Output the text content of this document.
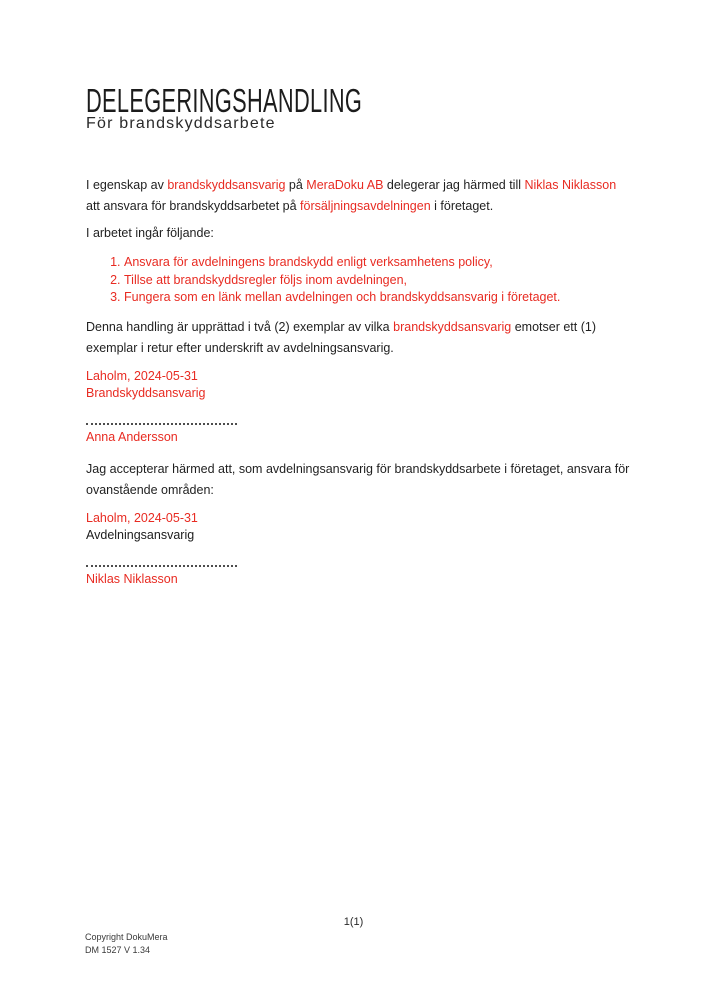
DELEGERINGSHANDLING
För brandskyddsarbete

I egenskap av brandskyddsansvarig på MeraDoku AB delegerar jag härmed till Niklas Niklasson
att ansvara för brandskyddsarbetet på försäljningsavdelningen i företaget.

I arbetet ingår följande:

1. Ansvara för avdelningens brandskydd enligt verksamhetens policy,
2. Tillse att brandskyddsregler följs inom avdelningen,
3. Fungera som en länk mellan avdelningen och brandskyddsansvarig i företaget.

Denna handling är upprättad i två (2) exemplar av vilka brandskyddsansvarig emotser ett (1)
exemplar i retur efter underskrift av avdelningsansvarig.

Laholm, 2024-05-31
Brandskyddsansvarig
Anna Andersson

Jag accepterar härmed att, som avdelningsansvarig för brandskyddsarbete i företaget, ansvara för
ovanstående områden:

Laholm, 2024-05-31
Avdelningsansvarig
Niklas Niklasson
1(1)
Copyright DokuMera
DM 1527 V 1.34
